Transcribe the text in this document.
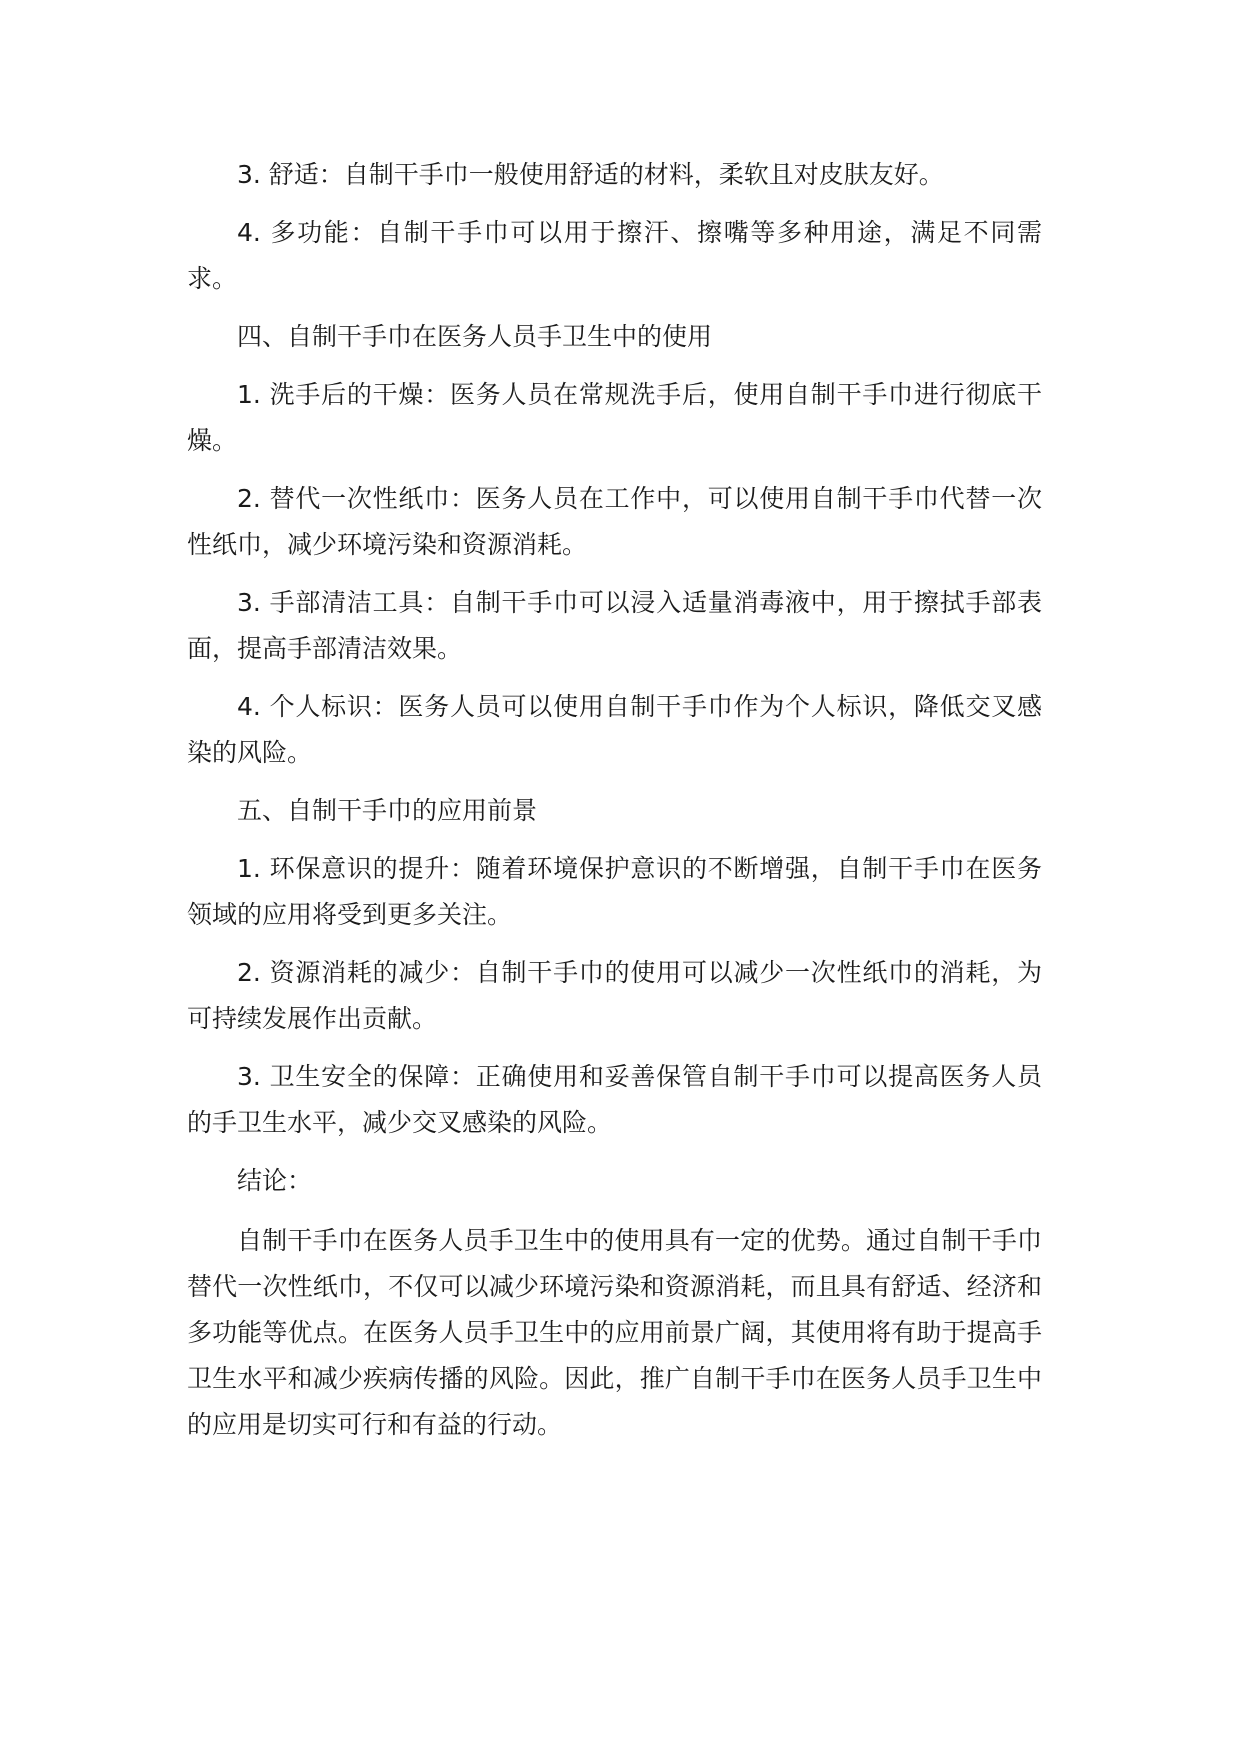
3. 舒适：自制干手巾一般使用舒适的材料，柔软且对皮肤友好。

4. 多功能：自制干手巾可以用于擦汗、擦嘴等多种用途，满足不同需求。

四、自制干手巾在医务人员手卫生中的使用

1. 洗手后的干燥：医务人员在常规洗手后，使用自制干手巾进行彻底干燥。

2. 替代一次性纸巾：医务人员在工作中，可以使用自制干手巾代替一次性纸巾，减少环境污染和资源消耗。

3. 手部清洁工具：自制干手巾可以浸入适量消毒液中，用于擦拭手部表面，提高手部清洁效果。

4. 个人标识：医务人员可以使用自制干手巾作为个人标识，降低交叉感染的风险。

五、自制干手巾的应用前景

1. 环保意识的提升：随着环境保护意识的不断增强，自制干手巾在医务领域的应用将受到更多关注。

2. 资源消耗的减少：自制干手巾的使用可以减少一次性纸巾的消耗，为可持续发展作出贡献。

3. 卫生安全的保障：正确使用和妥善保管自制干手巾可以提高医务人员的手卫生水平，减少交叉感染的风险。

结论：

自制干手巾在医务人员手卫生中的使用具有一定的优势。通过自制干手巾替代一次性纸巾，不仅可以减少环境污染和资源消耗，而且具有舒适、经济和多功能等优点。在医务人员手卫生中的应用前景广阔，其使用将有助于提高手卫生水平和减少疾病传播的风险。因此，推广自制干手巾在医务人员手卫生中的应用是切实可行和有益的行动。
